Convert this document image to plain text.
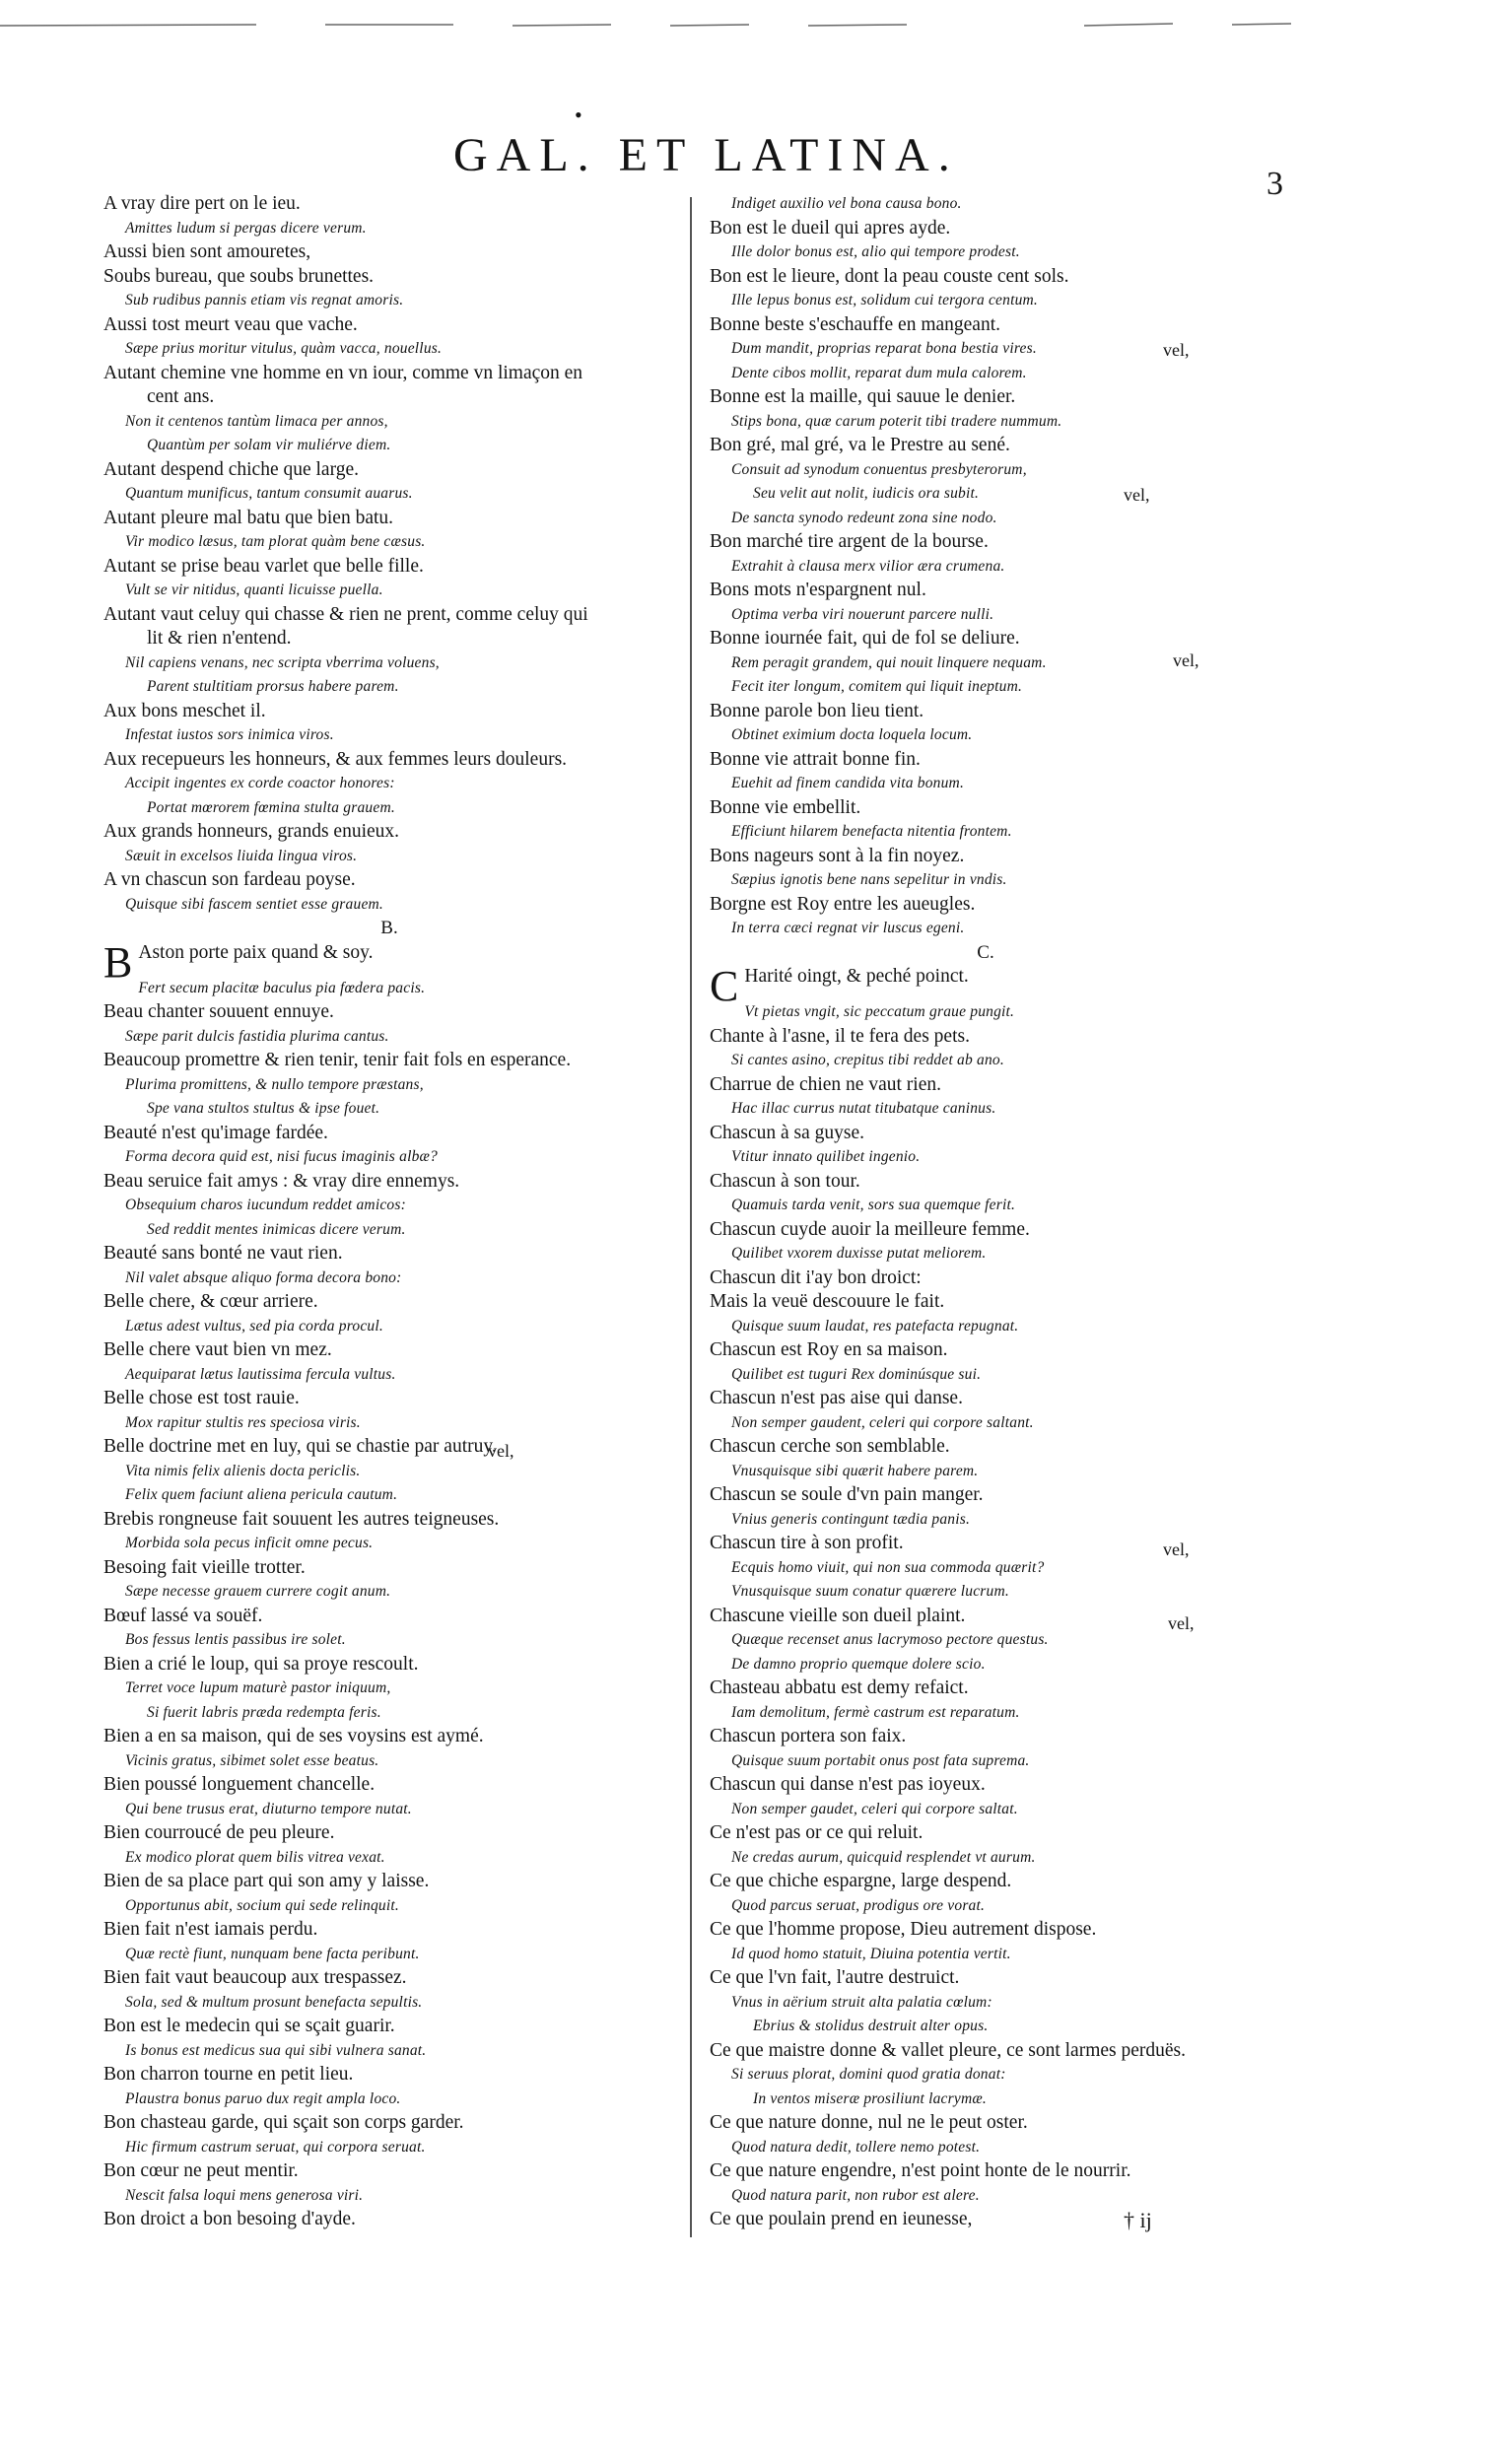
•
GAL. ET LATINA.
3
A vray dire pert on le ieu.
Amittes ludum si pergas dicere verum.
Aussi bien sont amouretes,
Soubs bureau, que soubs brunettes.
Sub rudibus pannis etiam vis regnat amoris.
Aussi tost meurt veau que vache.
Sæpe prius moritur vitulus, quàm vacca, nouellus.
Autant chemine vne homme en vn iour, comme vn limaçon en
cent ans.
Non it centenos tantùm limaca per annos,
Quantùm per solam vir muliérve diem.
Autant despend chiche que large.
Quantum munificus, tantum consumit auarus.
Autant pleure mal batu que bien batu.
Vir modico læsus, tam plorat quàm bene cæsus.
Autant se prise beau varlet que belle fille.
Vult se vir nitidus, quanti licuisse puella.
Autant vaut celuy qui chasse & rien ne prent, comme celuy qui
lit & rien n'entend.
Nil capiens venans, nec scripta vberrima voluens,
Parent stultitiam prorsus habere parem.
Aux bons meschet il.
Infestat iustos sors inimica viros.
Aux recepueurs les honneurs, & aux femmes leurs douleurs.
Accipit ingentes ex corde coactor honores:
Portat mœrorem fœmina stulta grauem.
Aux grands honneurs, grands enuieux.
Sæuit in excelsos liuida lingua viros.
A vn chascun son fardeau poyse.
Quisque sibi fascem sentiet esse grauem.
B.
B Aston porte paix quand & soy.
Fert secum placitæ baculus pia fœdera pacis.
Beau chanter souuent ennuye.
Sæpe parit dulcis fastidia plurima cantus.
Beaucoup promettre & rien tenir, tenir fait fols en esperance.
Plurima promittens, & nullo tempore præstans,
Spe vana stultos stultus & ipse fouet.
Beauté n'est qu'image fardée.
Forma decora quid est, nisi fucus imaginis albæ?
Beau seruice fait amys : & vray dire ennemys.
Obsequium charos iucundum reddet amicos:
Sed reddit mentes inimicas dicere verum.
Beauté sans bonté ne vaut rien.
Nil valet absque aliquo forma decora bono:
Belle chere, & cœur arriere.
Lætus adest vultus, sed pia corda procul.
Belle chere vaut bien vn mez.
Aequiparat lætus lautissima fercula vultus.
Belle chose est tost rauie.
Mox rapitur stultis res speciosa viris.
Belle doctrine met en luy, qui se chastie par autruy.
Vita nimis felix alienis docta periclis.
Felix quem faciunt aliena pericula cautum.
Brebis rongneuse fait souuent les autres teigneuses.
Morbida sola pecus inficit omne pecus.
Besoing fait vieille trotter.
Sæpe necesse grauem currere cogit anum.
Bœuf lassé va souëf.
Bos fessus lentis passibus ire solet.
Bien a crié le loup, qui sa proye rescoult.
Terret voce lupum maturè pastor iniquum,
Si fuerit labris præda redempta feris.
Bien a en sa maison, qui de ses voysins est aymé.
Vicinis gratus, sibimet solet esse beatus.
Bien poussé longuement chancelle.
Qui bene trusus erat, diuturno tempore nutat.
Bien courroucé de peu pleure.
Ex modico plorat quem bilis vitrea vexat.
Bien de sa place part qui son amy y laisse.
Opportunus abit, socium qui sede relinquit.
Bien fait n'est iamais perdu.
Quæ rectè fiunt, nunquam bene facta peribunt.
Bien fait vaut beaucoup aux trespassez.
Sola, sed & multum prosunt benefacta sepultis.
Bon est le medecin qui se sçait guarir.
Is bonus est medicus sua qui sibi vulnera sanat.
Bon charron tourne en petit lieu.
Plaustra bonus paruo dux regit ampla loco.
Bon chasteau garde, qui sçait son corps garder.
Hic firmum castrum seruat, qui corpora seruat.
Bon cœur ne peut mentir.
Nescit falsa loqui mens generosa viri.
Bon droict a bon besoing d'ayde.
Indiget auxilio vel bona causa bono.
Bon est le dueil qui apres ayde.
Ille dolor bonus est, alio qui tempore prodest.
Bon est le lieure, dont la peau couste cent sols.
Ille lepus bonus est, solidum cui tergora centum.
Bonne beste s'eschauffe en mangeant.
Dum mandit, proprias reparat bona bestia vires.
Dente cibos mollit, reparat dum mula calorem.
Bonne est la maille, qui sauue le denier.
Stips bona, quæ carum poterit tibi tradere nummum.
Bon gré, mal gré, va le Prestre au sené.
Consuit ad synodum conuentus presbyterorum,
Seu velit aut nolit, iudicis ora subit.
De sancta synodo redeunt zona sine nodo.
Bon marché tire argent de la bourse.
Extrahit à clausa merx vilior æra crumena.
Bons mots n'espargnent nul.
Optima verba viri nouerunt parcere nulli.
Bonne iournée fait, qui de fol se deliure.
Rem peragit grandem, qui nouit linquere nequam.
Fecit iter longum, comitem qui liquit ineptum.
Bonne parole bon lieu tient.
Obtinet eximium docta loquela locum.
Bonne vie attrait bonne fin.
Euehit ad finem candida vita bonum.
Bonne vie embellit.
Efficiunt hilarem benefacta nitentia frontem.
Bons nageurs sont à la fin noyez.
Sæpius ignotis bene nans sepelitur in vndis.
Borgne est Roy entre les aueugles.
In terra cæci regnat vir luscus egeni.
C.
C Harité oingt, & peché poinct.
Vt pietas vngit, sic peccatum graue pungit.
Chante à l'asne, il te fera des pets.
Si cantes asino, crepitus tibi reddet ab ano.
Charrue de chien ne vaut rien.
Hac illac currus nutat titubatque caninus.
Chascun à sa guyse.
Vtitur innato quilibet ingenio.
Chascun à son tour.
Quamuis tarda venit, sors sua quemque ferit.
Chascun cuyde auoir la meilleure femme.
Quilibet vxorem duxisse putat meliorem.
Chascun dit i'ay bon droict:
Mais la veuë descouure le fait.
Quisque suum laudat, res patefacta repugnat.
Chascun est Roy en sa maison.
Quilibet est tuguri Rex dominúsque sui.
Chascun n'est pas aise qui danse.
Non semper gaudent, celeri qui corpore saltant.
Chascun cerche son semblable.
Vnusquisque sibi quærit habere parem.
Chascun se soule d'vn pain manger.
Vnius generis contingunt tædia panis.
Chascun tire à son profit.
Ecquis homo viuit, qui non sua commoda quærit?
Vnusquisque suum conatur quærere lucrum.
Chascune vieille son dueil plaint.
Quæque recenset anus lacrymoso pectore questus.
De damno proprio quemque dolere scio.
Chasteau abbatu est demy refaict.
Iam demolitum, fermè castrum est reparatum.
Chascun portera son faix.
Quisque suum portabit onus post fata suprema.
Chascun qui danse n'est pas ioyeux.
Non semper gaudet, celeri qui corpore saltat.
Ce n'est pas or ce qui reluit.
Ne credas aurum, quicquid resplendet vt aurum.
Ce que chiche espargne, large despend.
Quod parcus seruat, prodigus ore vorat.
Ce que l'homme propose, Dieu autrement dispose.
Id quod homo statuit, Diuina potentia vertit.
Ce que l'vn fait, l'autre destruict.
Vnus in aërium struit alta palatia cœlum:
Ebrius & stolidus destruit alter opus.
Ce que maistre donne & vallet pleure, ce sont larmes perduës.
Si seruus plorat, domini quod gratia donat:
In ventos miseræ prosiliunt lacrymæ.
Ce que nature donne, nul ne le peut oster.
Quod natura dedit, tollere nemo potest.
Ce que nature engendre, n'est point honte de le nourrir.
Quod natura parit, non rubor est alere.
Ce que poulain prend en ieunesse,
vel,
vel,
vel,
vel,
vel,
vel,
† ij
